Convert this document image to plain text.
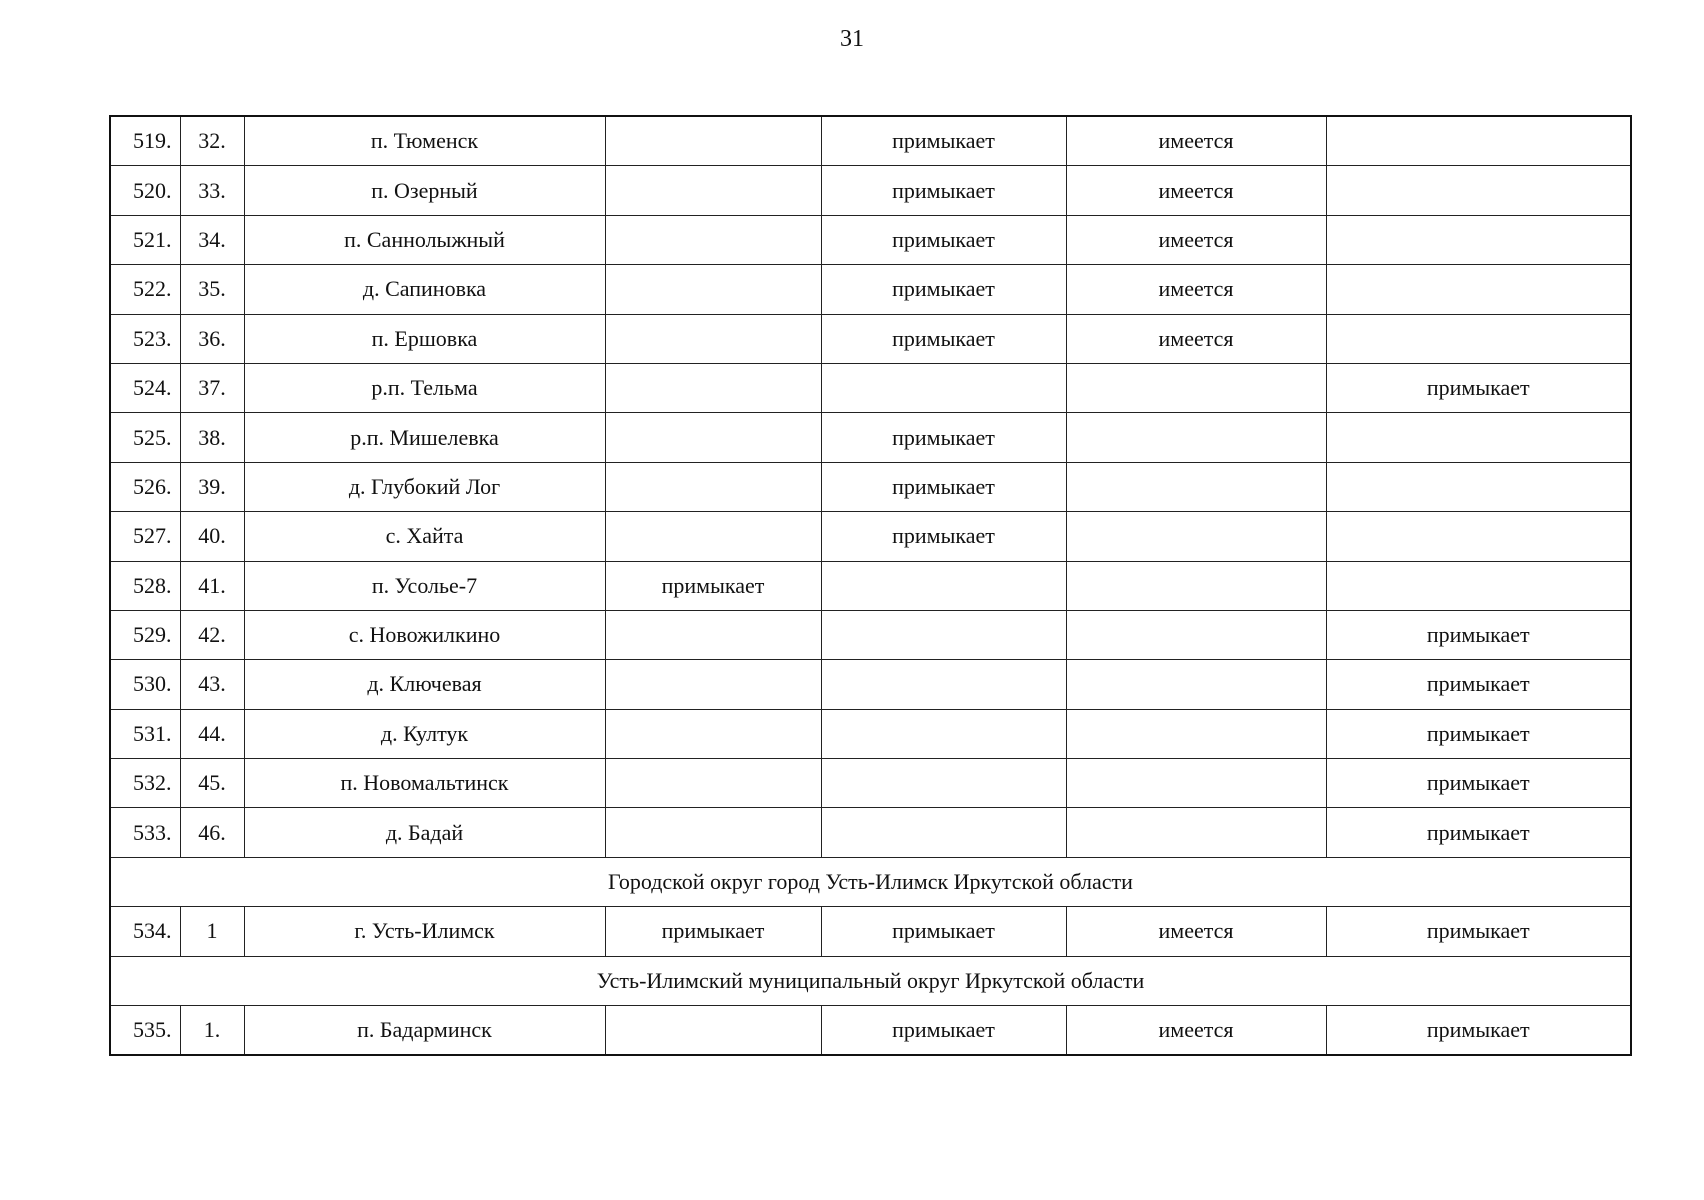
31
519.	32.	п. Тюменск		примыкает	имеется	
520.	33.	п. Озерный		примыкает	имеется	
521.	34.	п. Саннолыжный		примыкает	имеется	
522.	35.	д. Сапиновка		примыкает	имеется	
523.	36.	п. Ершовка		примыкает	имеется	
524.	37.	р.п. Тельма				примыкает
525.	38.	р.п. Мишелевка		примыкает		
526.	39.	д. Глубокий Лог		примыкает		
527.	40.	с. Хайта		примыкает		
528.	41.	п. Усолье-7	примыкает			
529.	42.	с. Новожилкино				примыкает
530.	43.	д. Ключевая				примыкает
531.	44.	д. Култук				примыкает
532.	45.	п. Новомальтинск				примыкает
533.	46.	д. Бадай				примыкает
Городской округ город Усть-Илимск Иркутской области						
534.	1	г. Усть-Илимск	примыкает	примыкает	имеется	примыкает
Усть-Илимский муниципальный округ Иркутской области						
535.	1.	п. Бадарминск		примыкает	имеется	примыкает
